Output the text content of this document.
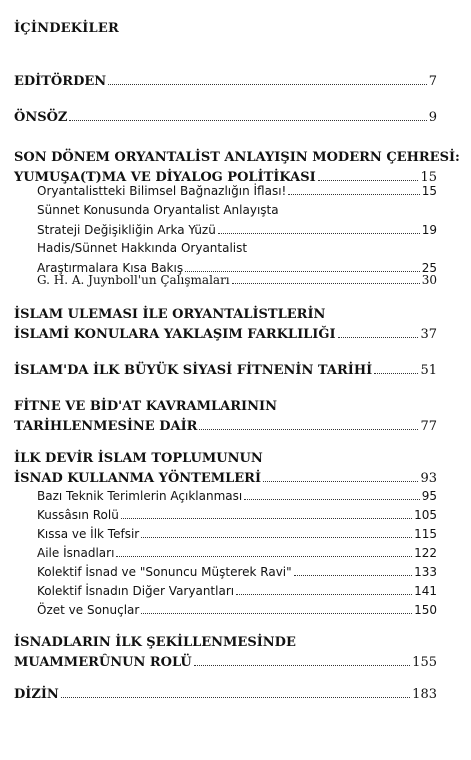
İÇİNDEKİLER
EDİTÖRDEN	7
ÖNSÖZ	9
SON DÖNEM ORYANTALİST ANLAYIŞIN MODERN ÇEHRESİ:
YUMUŞA(T)MA VE DİYALOG POLİTİKASI	15
Oryantalistteki Bilimsel Bağnazlığın İflası!	15
Sünnet Konusunda Oryantalist Anlayışta
Strateji Değişikliğin Arka Yüzü	19
Hadis/Sünnet Hakkında Oryantalist
Araştırmalara Kısa Bakış	25
G. H. A. Juynboll'un Çalışmaları	30
İSLAM ULEMASI İLE ORYANTALİSTLERİN
İSLAMİ KONULARA YAKLAŞIM FARKLILIĞI	37
İSLAM'DA İLK BÜYÜK SİYASİ FİTNENİN TARİHİ	51
FİTNE VE BİD'AT KAVRAMLARININ
TARİHLENMESİNE DAİR	77
İLK DEVİR İSLAM TOPLUMUNUN
İSNAD KULLANMA YÖNTEMLERİ	93
Bazı Teknik Terimlerin Açıklanması	95
Kussâsın Rolü	105
Kıssa ve İlk Tefsir	115
Aile İsnadları	122
Kolektif İsnad ve "Sonuncu Müşterek Ravi"	133
Kolektif İsnadın Diğer Varyantları	141
Özet ve Sonuçlar	150
İSNADLARIN İLK ŞEKİLLENMESİNDE
MUAMMERÛNUN ROLÜ	155
DİZİN	183
